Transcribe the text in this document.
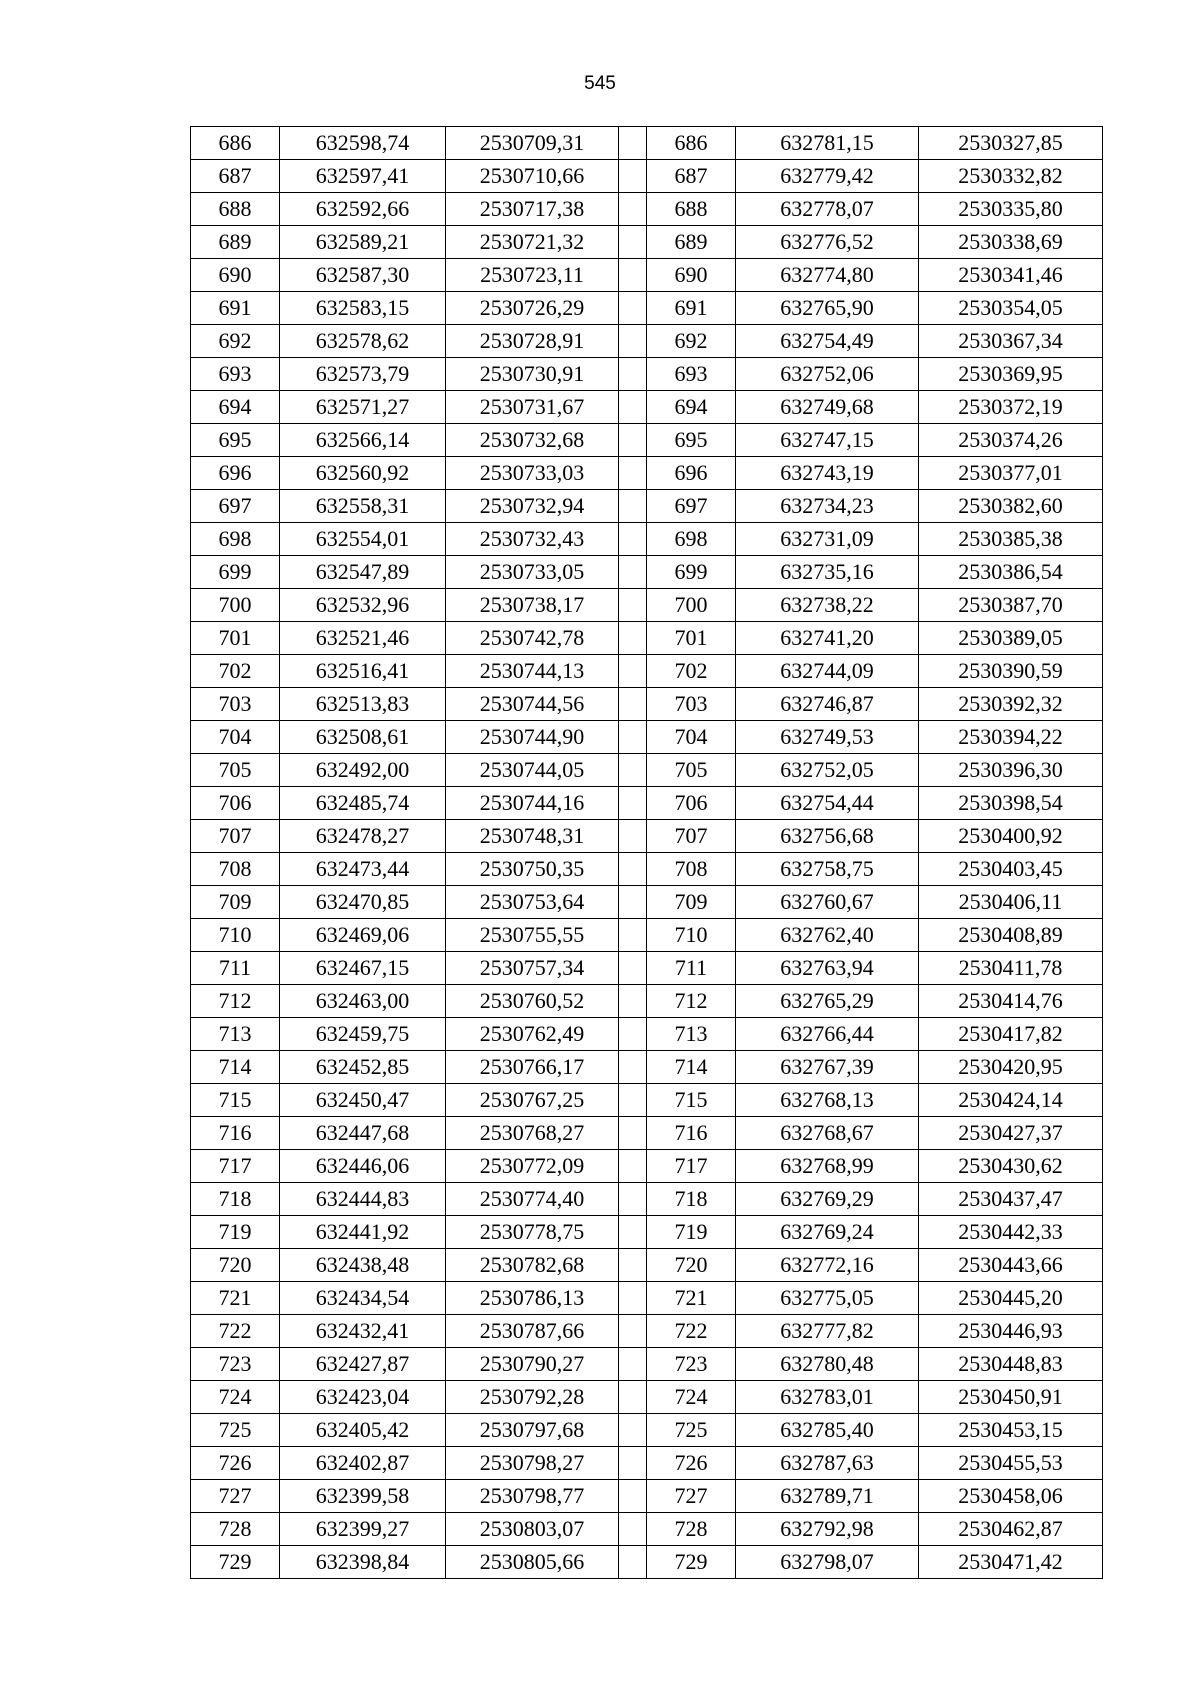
545
686	632598,74	2530709,31		686	632781,15	2530327,85
687	632597,41	2530710,66		687	632779,42	2530332,82
688	632592,66	2530717,38		688	632778,07	2530335,80
689	632589,21	2530721,32		689	632776,52	2530338,69
690	632587,30	2530723,11		690	632774,80	2530341,46
691	632583,15	2530726,29		691	632765,90	2530354,05
692	632578,62	2530728,91		692	632754,49	2530367,34
693	632573,79	2530730,91		693	632752,06	2530369,95
694	632571,27	2530731,67		694	632749,68	2530372,19
695	632566,14	2530732,68		695	632747,15	2530374,26
696	632560,92	2530733,03		696	632743,19	2530377,01
697	632558,31	2530732,94		697	632734,23	2530382,60
698	632554,01	2530732,43		698	632731,09	2530385,38
699	632547,89	2530733,05		699	632735,16	2530386,54
700	632532,96	2530738,17		700	632738,22	2530387,70
701	632521,46	2530742,78		701	632741,20	2530389,05
702	632516,41	2530744,13		702	632744,09	2530390,59
703	632513,83	2530744,56		703	632746,87	2530392,32
704	632508,61	2530744,90		704	632749,53	2530394,22
705	632492,00	2530744,05		705	632752,05	2530396,30
706	632485,74	2530744,16		706	632754,44	2530398,54
707	632478,27	2530748,31		707	632756,68	2530400,92
708	632473,44	2530750,35		708	632758,75	2530403,45
709	632470,85	2530753,64		709	632760,67	2530406,11
710	632469,06	2530755,55		710	632762,40	2530408,89
711	632467,15	2530757,34		711	632763,94	2530411,78
712	632463,00	2530760,52		712	632765,29	2530414,76
713	632459,75	2530762,49		713	632766,44	2530417,82
714	632452,85	2530766,17		714	632767,39	2530420,95
715	632450,47	2530767,25		715	632768,13	2530424,14
716	632447,68	2530768,27		716	632768,67	2530427,37
717	632446,06	2530772,09		717	632768,99	2530430,62
718	632444,83	2530774,40		718	632769,29	2530437,47
719	632441,92	2530778,75		719	632769,24	2530442,33
720	632438,48	2530782,68		720	632772,16	2530443,66
721	632434,54	2530786,13		721	632775,05	2530445,20
722	632432,41	2530787,66		722	632777,82	2530446,93
723	632427,87	2530790,27		723	632780,48	2530448,83
724	632423,04	2530792,28		724	632783,01	2530450,91
725	632405,42	2530797,68		725	632785,40	2530453,15
726	632402,87	2530798,27		726	632787,63	2530455,53
727	632399,58	2530798,77		727	632789,71	2530458,06
728	632399,27	2530803,07		728	632792,98	2530462,87
729	632398,84	2530805,66		729	632798,07	2530471,42
